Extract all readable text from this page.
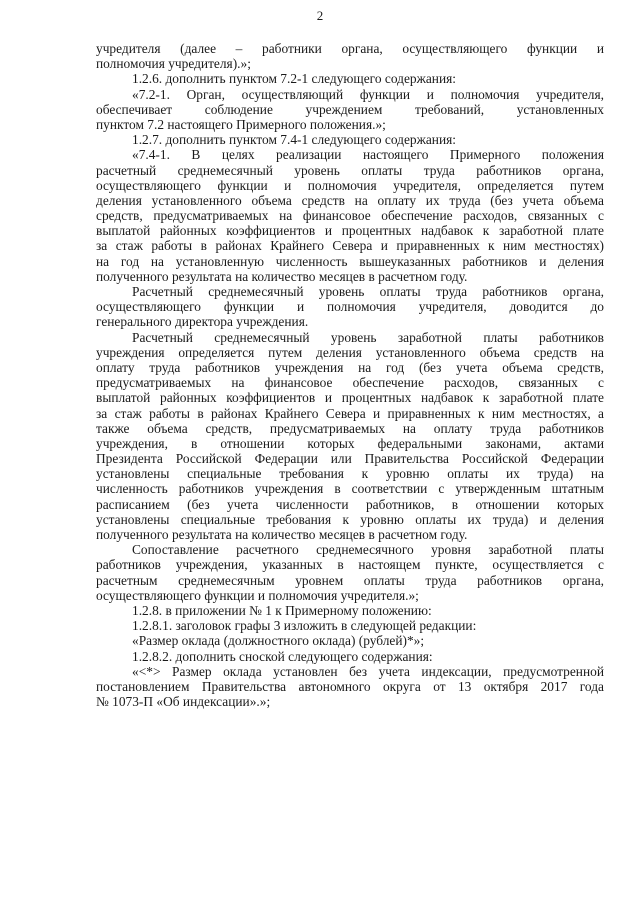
2
учредителя (далее – работники органа, осуществляющего функции и
полномочия учредителя).»;
1.2.6. дополнить пунктом 7.2-1 следующего содержания:
«7.2-1. Орган, осуществляющий функции и полномочия учредителя,
обеспечивает соблюдение учреждением требований, установленных
пунктом 7.2 настоящего Примерного положения.»;
1.2.7. дополнить пунктом 7.4-1 следующего содержания:
«7.4-1. В целях реализации настоящего Примерного положения
расчетный среднемесячный уровень оплаты труда работников органа,
осуществляющего функции и полномочия учредителя, определяется путем
деления установленного объема средств на оплату их труда (без учета объема
средств, предусматриваемых на финансовое обеспечение расходов, связанных с
выплатой районных коэффициентов и процентных надбавок к заработной плате
за стаж работы в районах Крайнего Севера и приравненных к ним местностях)
на год на установленную численность вышеуказанных работников и деления
полученного результата на количество месяцев в расчетном году.
Расчетный среднемесячный уровень оплаты труда работников органа,
осуществляющего функции и полномочия учредителя, доводится до
генерального директора учреждения.
Расчетный среднемесячный уровень заработной платы работников
учреждения определяется путем деления установленного объема средств на
оплату труда работников учреждения на год (без учета объема средств,
предусматриваемых на финансовое обеспечение расходов, связанных с
выплатой районных коэффициентов и процентных надбавок к заработной плате
за стаж работы в районах Крайнего Севера и приравненных к ним местностях, а
также объема средств, предусматриваемых на оплату труда работников
учреждения, в отношении которых федеральными законами, актами
Президента Российской Федерации или Правительства Российской Федерации
установлены специальные требования к уровню оплаты их труда) на
численность работников учреждения в соответствии с утвержденным штатным
расписанием (без учета численности работников, в отношении которых
установлены специальные требования к уровню оплаты их труда) и деления
полученного результата на количество месяцев в расчетном году.
Сопоставление расчетного среднемесячного уровня заработной платы
работников учреждения, указанных в настоящем пункте, осуществляется с
расчетным среднемесячным уровнем оплаты труда работников органа,
осуществляющего функции и полномочия учредителя.»;
1.2.8. в приложении № 1 к Примерному положению:
1.2.8.1. заголовок графы 3 изложить в следующей редакции:
«Размер оклада (должностного оклада) (рублей)*»;
1.2.8.2. дополнить сноской следующего содержания:
«<*> Размер оклада установлен без учета индексации, предусмотренной
постановлением Правительства автономного округа от 13 октября 2017 года
№ 1073-П «Об индексации».»;
